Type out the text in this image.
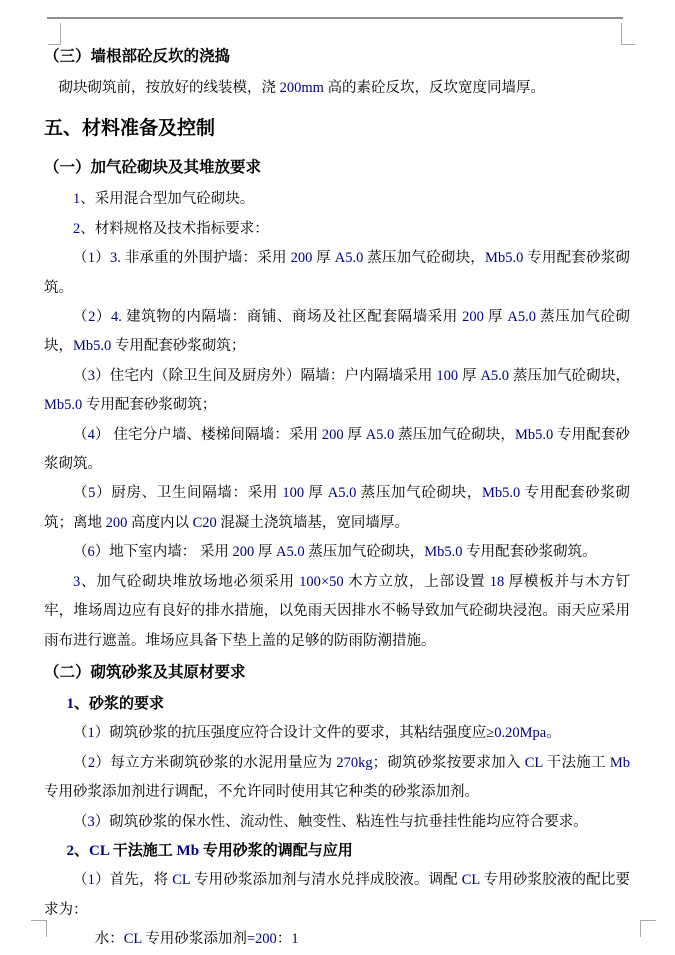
（三）墙根部砼反坎的浇捣

砌块砌筑前，按放好的线装模，浇 200mm 高的素砼反坎，反坎宽度同墙厚。

五、材料准备及控制
（一）加气砼砌块及其堆放要求

1、采用混合型加气砼砌块。

2、材料规格及技术指标要求：

（1）3. 非承重的外围护墙：采用 200 厚 A5.0 蒸压加气砼砌块，Mb5.0 专用配套砂浆砌筑。

（2）4. 建筑物的内隔墙：商铺、商场及社区配套隔墙采用 200 厚 A5.0 蒸压加气砼砌块，Mb5.0 专用配套砂浆砌筑；

（3）住宅内（除卫生间及厨房外）隔墙：户内隔墙采用 100 厚 A5.0 蒸压加气砼砌块，Mb5.0 专用配套砂浆砌筑；

（4） 住宅分户墙、楼梯间隔墙：采用 200 厚 A5.0 蒸压加气砼砌块，Mb5.0 专用配套砂浆砌筑。

（5）厨房、卫生间隔墙：采用 100 厚 A5.0 蒸压加气砼砌块，Mb5.0 专用配套砂浆砌筑；离地 200 高度内以 C20 混凝土浇筑墙基，宽同墙厚。

（6）地下室内墙： 采用 200 厚 A5.0 蒸压加气砼砌块，Mb5.0 专用配套砂浆砌筑。

3、加气砼砌块堆放场地必须采用 100×50 木方立放，上部设置 18 厚模板并与木方钉牢，堆场周边应有良好的排水措施，以免雨天因排水不畅导致加气砼砌块浸泡。雨天应采用雨布进行遮盖。堆场应具备下垫上盖的足够的防雨防潮措施。

（二）砌筑砂浆及其原材要求
1、砂浆的要求

（1）砌筑砂浆的抗压强度应符合设计文件的要求，其粘结强度应≥0.20Mpa。

（2）每立方米砌筑砂浆的水泥用量应为 270kg；砌筑砂浆按要求加入 CL 干法施工 Mb 专用砂浆添加剂进行调配，不允许同时使用其它种类的砂浆添加剂。

（3）砌筑砂浆的保水性、流动性、触变性、粘连性与抗垂挂性能均应符合要求。

2、CL 干法施工 Mb 专用砂浆的调配与应用

（1）首先，将 CL 专用砂浆添加剂与清水兑拌成胶液。调配 CL 专用砂浆胶液的配比要求为：

水：CL 专用砂浆添加剂=200：1
